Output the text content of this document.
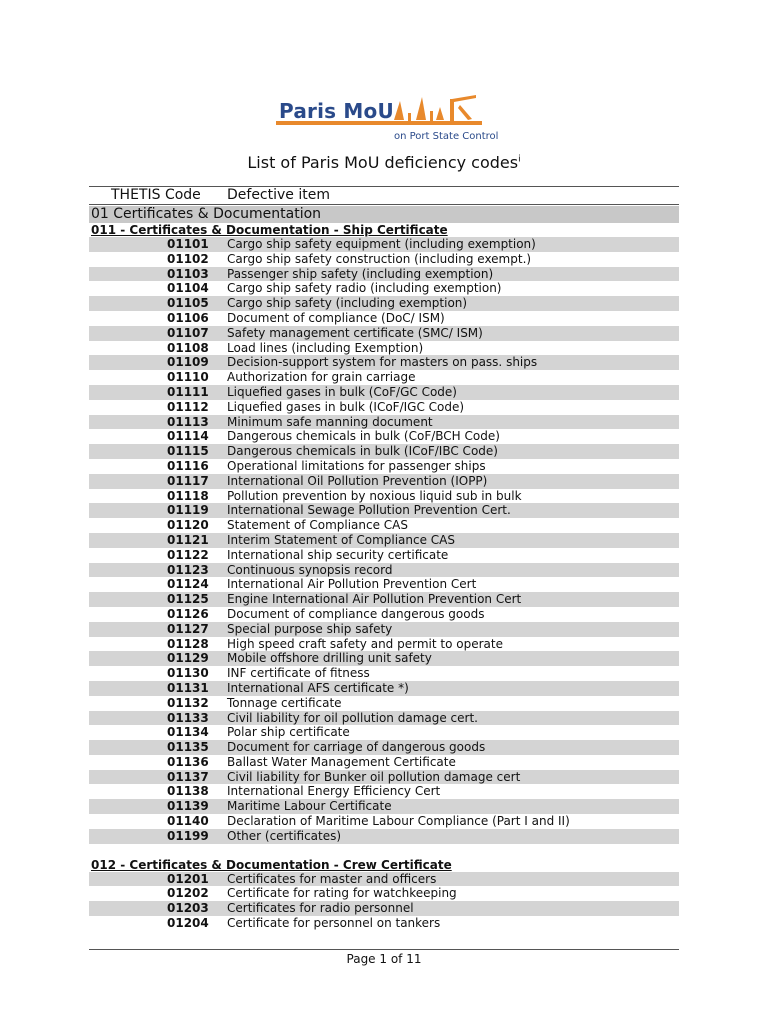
Paris MoU
on Port State Control
List of Paris MoU deficiency codes$^i$
THETIS Code Defective item
01 Certificates & Documentation
011 - Certificates & Documentation - Ship Certificate
01101 Cargo ship safety equipment (including exemption)
01102 Cargo ship safety construction (including exempt.)
01103 Passenger ship safety (including exemption)
01104 Cargo ship safety radio (including exemption)
01105 Cargo ship safety (including exemption)
01106 Document of compliance (DoC/ ISM)
01107 Safety management certificate (SMC/ ISM)
01108 Load lines (including Exemption)
01109 Decision-support system for masters on pass. ships
01110 Authorization for grain carriage
01111 Liquefied gases in bulk (CoF/GC Code)
01112 Liquefied gases in bulk (ICoF/IGC Code)
01113 Minimum safe manning document
01114 Dangerous chemicals in bulk (CoF/BCH Code)
01115 Dangerous chemicals in bulk (ICoF/IBC Code)
01116 Operational limitations for passenger ships
01117 International Oil Pollution Prevention (IOPP)
01118 Pollution prevention by noxious liquid sub in bulk
01119 International Sewage Pollution Prevention Cert.
01120 Statement of Compliance CAS
01121 Interim Statement of Compliance CAS
01122 International ship security certificate
01123 Continuous synopsis record
01124 International Air Pollution Prevention Cert
01125 Engine International Air Pollution Prevention Cert
01126 Document of compliance dangerous goods
01127 Special purpose ship safety
01128 High speed craft safety and permit to operate
01129 Mobile offshore drilling unit safety
01130 INF certificate of fitness
01131 International AFS certificate *)
01132 Tonnage certificate
01133 Civil liability for oil pollution damage cert.
01134 Polar ship certificate
01135 Document for carriage of dangerous goods
01136 Ballast Water Management Certificate
01137 Civil liability for Bunker oil pollution damage cert
01138 International Energy Efficiency Cert
01139 Maritime Labour Certificate
01140 Declaration of Maritime Labour Compliance (Part I and II)
01199 Other (certificates)
012 - Certificates & Documentation - Crew Certificate
01201 Certificates for master and officers
01202 Certificate for rating for watchkeeping
01203 Certificates for radio personnel
01204 Certificate for personnel on tankers
Page 1 of 11
